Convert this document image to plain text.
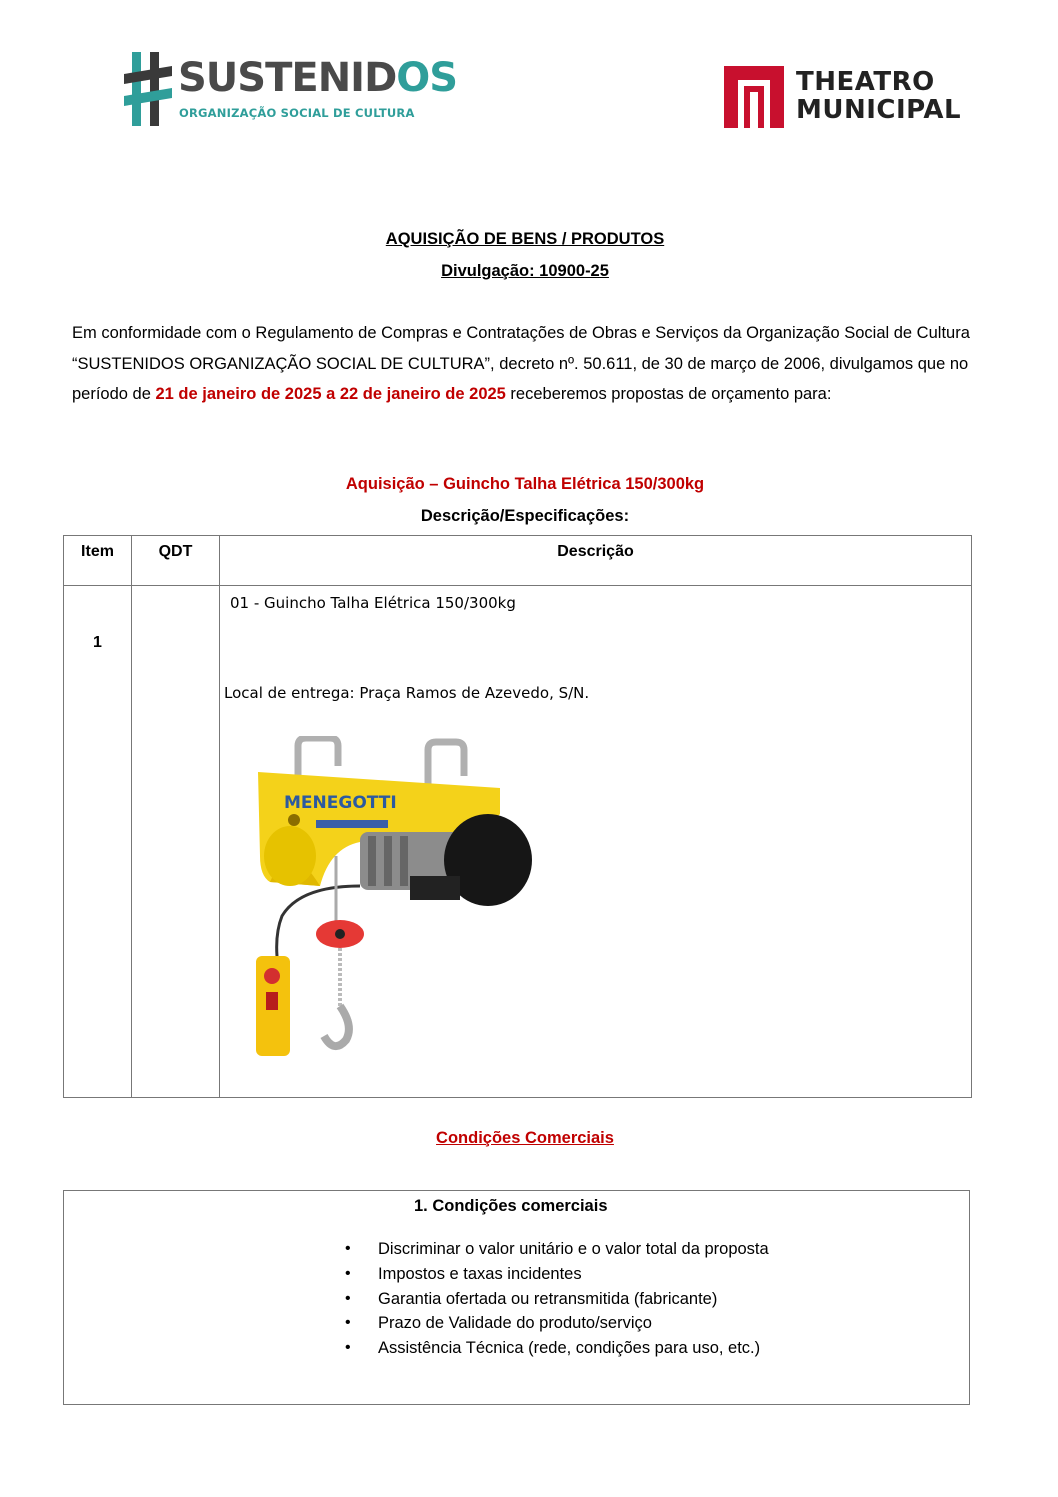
SUSTENIDOS
ORGANIZAÇÃO SOCIAL DE CULTURA
THEATRO
MUNICIPAL
AQUISIÇÃO DE BENS / PRODUTOS
Divulgação: 10900-25
Em conformidade com o Regulamento de Compras e Contratações de Obras e Serviços da Organização Social de Cultura “SUSTENIDOS ORGANIZAÇÃO SOCIAL DE CULTURA”, decreto nº. 50.611, de 30 de março de 2006, divulgamos que no período de 21 de janeiro de 2025 a 22 de janeiro de 2025 receberemos propostas de orçamento para:
Aquisição – Guincho Talha Elétrica 150/300kg
Descrição/Especificações:
Item	QDT	Descrição
1		01 - Guincho Talha Elétrica 150/300kg
Local de entrega: Praça Ramos de Azevedo, S/N.
MENEGOTTI
Condições Comerciais
1. Condições comerciais
• Discriminar o valor unitário e o valor total da proposta
• Impostos e taxas incidentes
• Garantia ofertada ou retransmitida (fabricante)
• Prazo de Validade do produto/serviço
• Assistência Técnica (rede, condições para uso, etc.)
